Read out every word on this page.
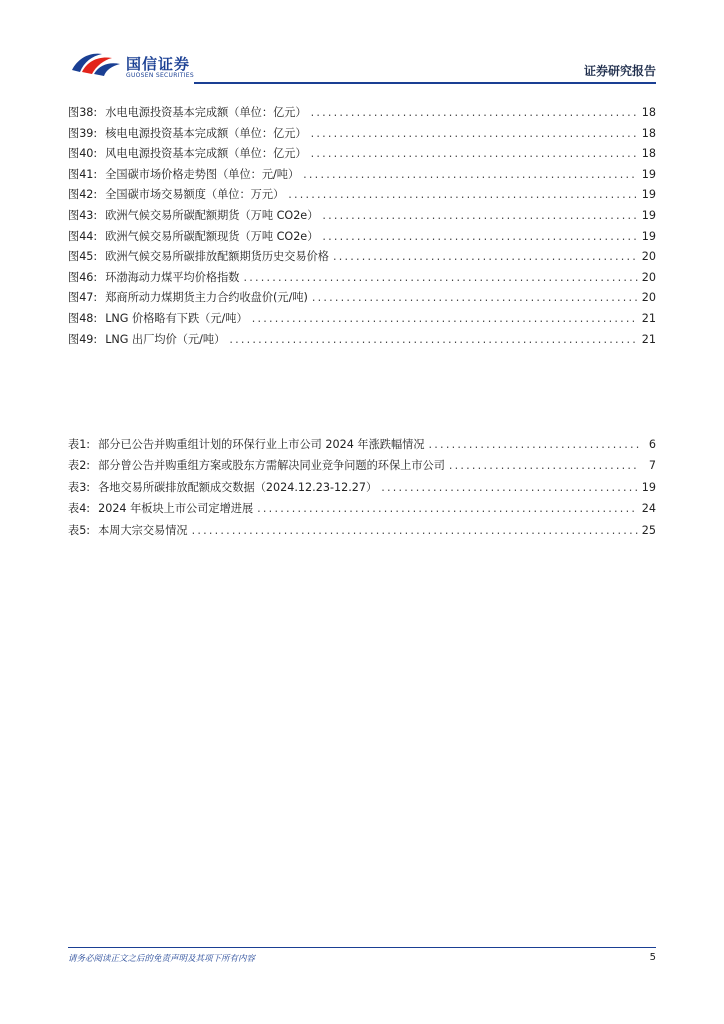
国信证券
GUOSEN SECURITIES	证券研究报告
图38: 水电电源投资基本完成额（单位：亿元） .....	18
图39: 核电电源投资基本完成额（单位：亿元） .....	18
图40: 风电电源投资基本完成额（单位：亿元） .....	18
图41: 全国碳市场价格走势图（单位：元/吨） .....	19
图42: 全国碳市场交易额度（单位：万元） .....	19
图43: 欧洲气候交易所碳配额期货（万吨 CO2e） .....	19
图44: 欧洲气候交易所碳配额现货（万吨 CO2e） .....	19
图45: 欧洲气候交易所碳排放配额期货历史交易价格 .....	20
图46: 环渤海动力煤平均价格指数 .....	20
图47: 郑商所动力煤期货主力合约收盘价(元/吨) .....	20
图48: LNG 价格略有下跌（元/吨） .....	21
图49: LNG 出厂均价（元/吨） .....	21
表1: 部分已公告并购重组计划的环保行业上市公司 2024 年涨跌幅情况 .....	6
表2: 部分曾公告并购重组方案或股东方需解决同业竞争问题的环保上市公司 .....	7
表3: 各地交易所碳排放配额成交数据（2024.12.23-12.27） .....	19
表4: 2024 年板块上市公司定增进展 .....	24
表5: 本周大宗交易情况 .....	25
请务必阅读正文之后的免责声明及其项下所有内容	5
